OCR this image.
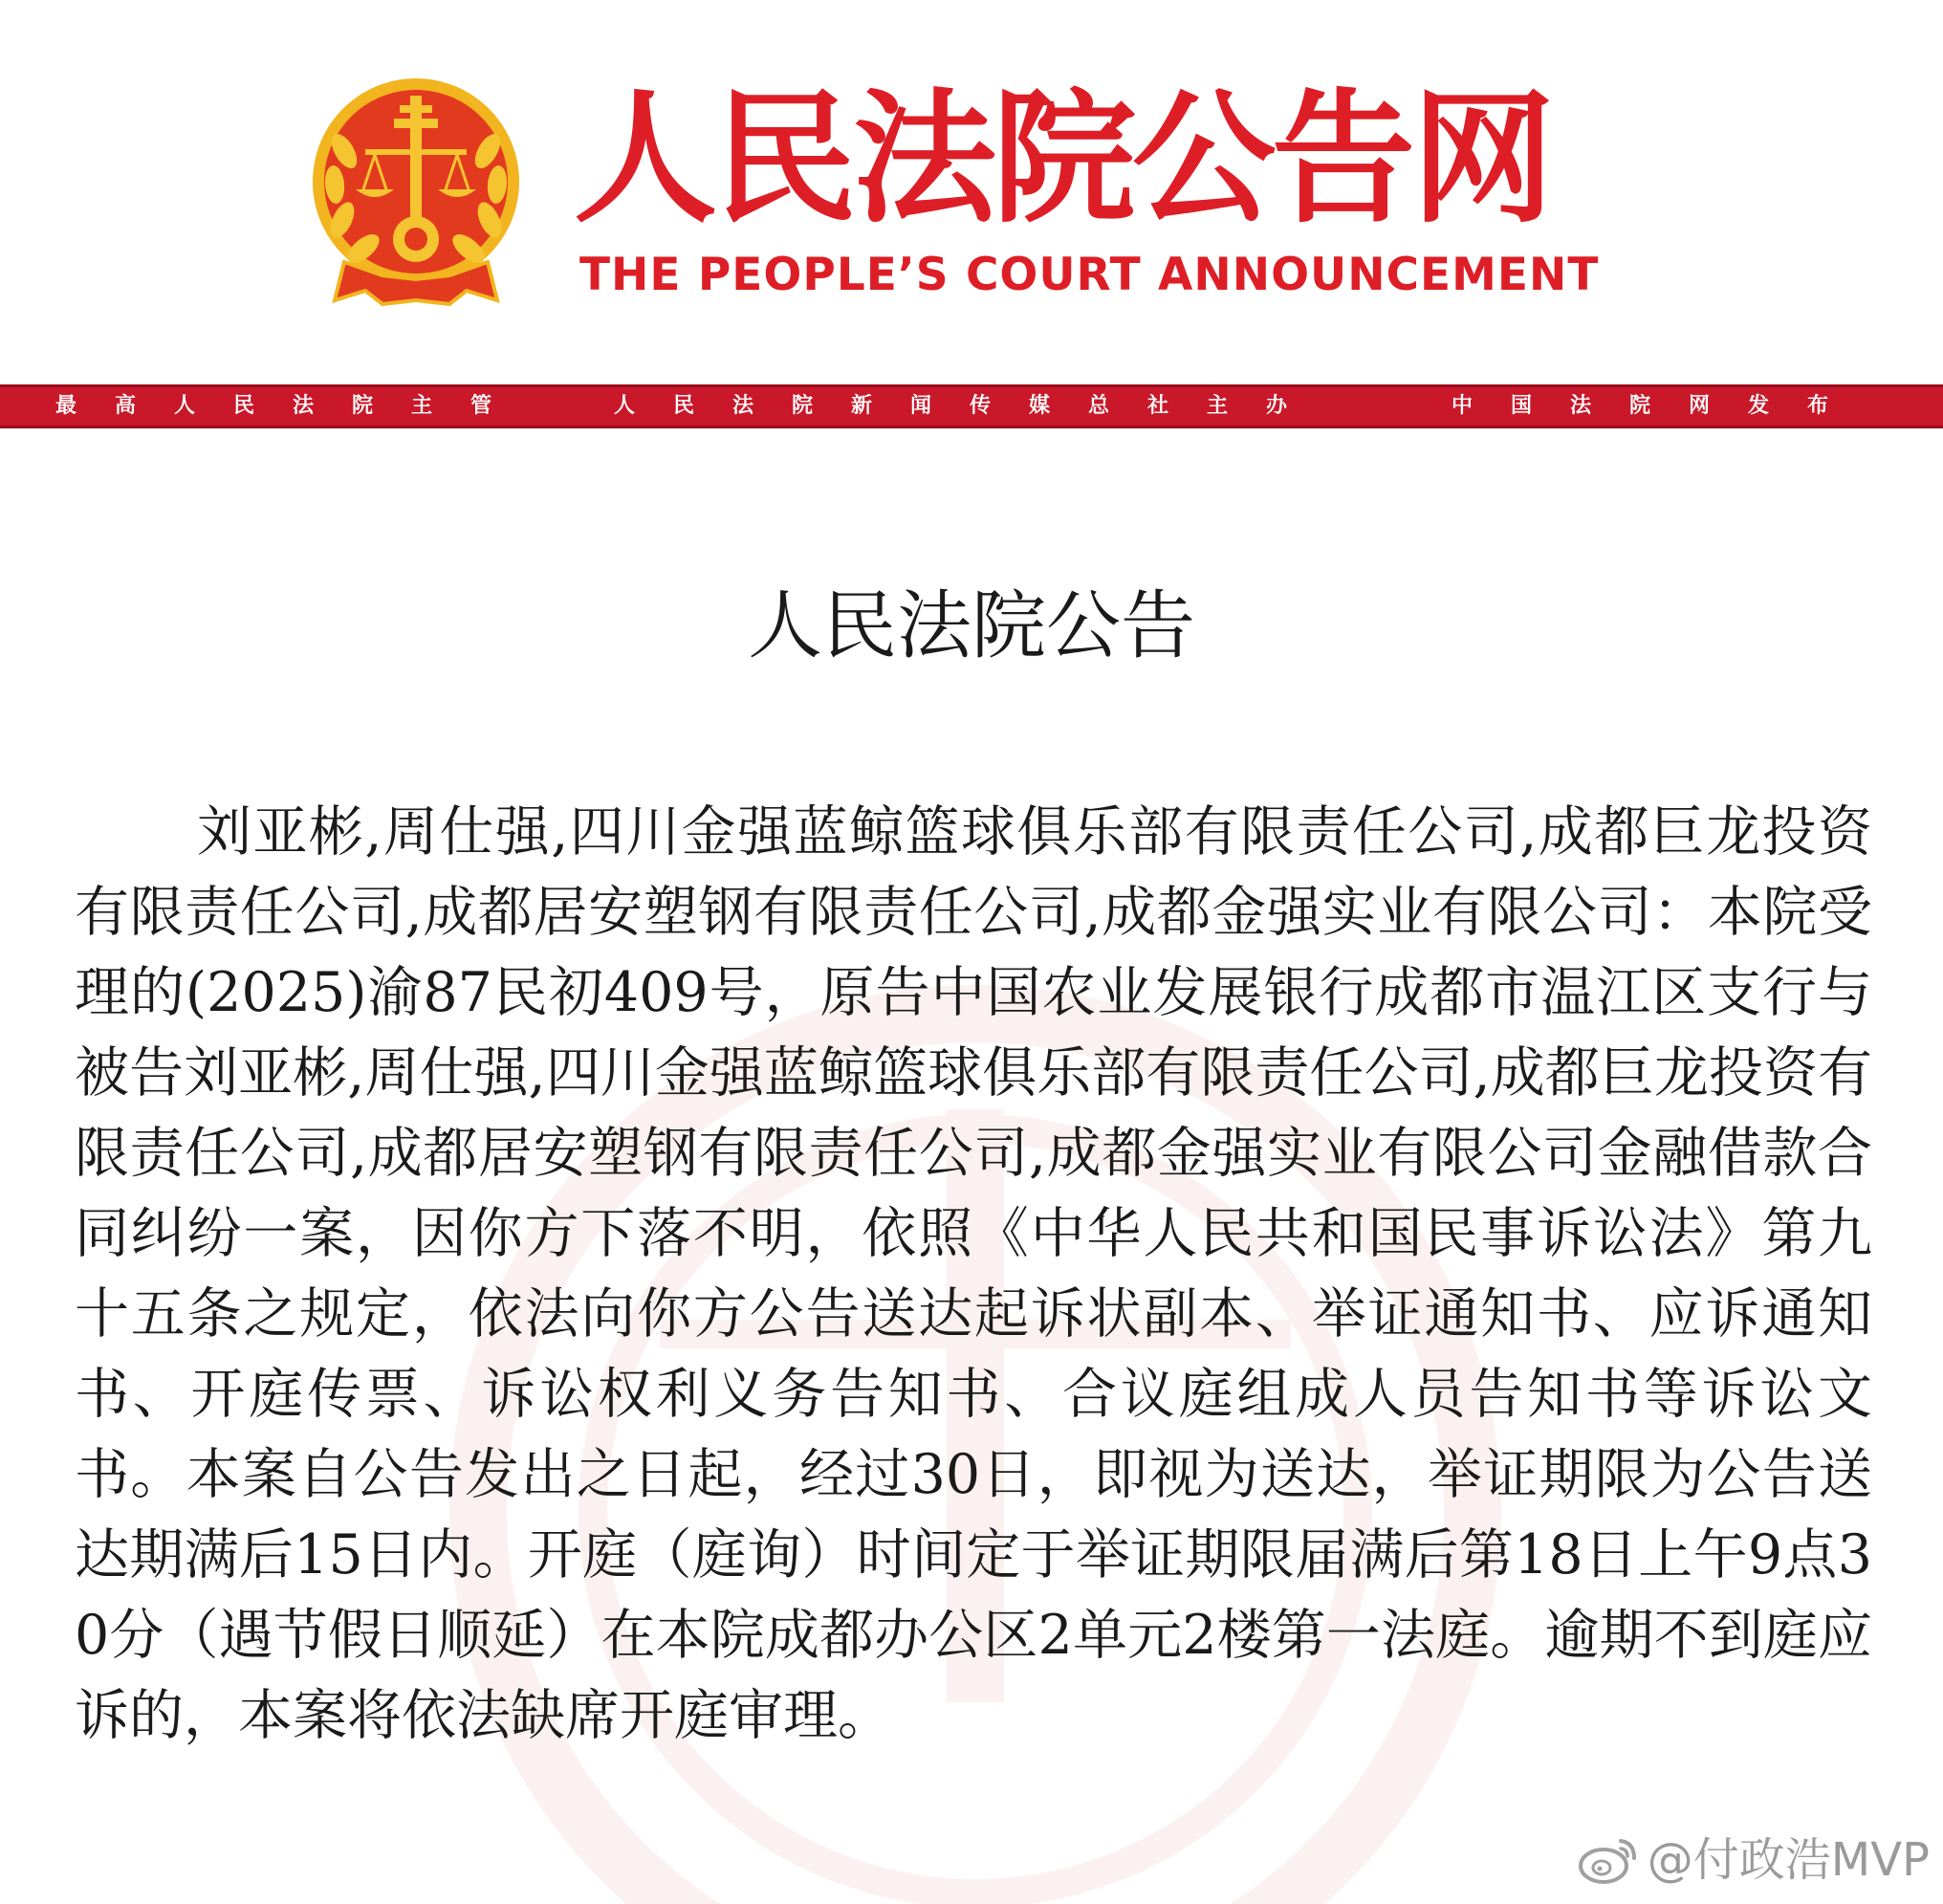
人民法院公告网
THE PEOPLE’S COURT ANNOUNCEMENT
最高人民法院主管	人民法院新闻传媒总社主办	中国法院网发布
人民法院公告
刘亚彬,周仕强,四川金强蓝鲸篮球俱乐部有限责任公司,成都巨龙投资有限责任公司,成都居安塑钢有限责任公司,成都金强实业有限公司：本院受理的(2025)渝87民初409号，原告中国农业发展银行成都市温江区支行与被告刘亚彬,周仕强,四川金强蓝鲸篮球俱乐部有限责任公司,成都巨龙投资有限责任公司,成都居安塑钢有限责任公司,成都金强实业有限公司金融借款合同纠纷一案，因你方下落不明，依照《中华人民共和国民事诉讼法》第九十五条之规定，依法向你方公告送达起诉状副本、举证通知书、应诉通知书、开庭传票、诉讼权利义务告知书、合议庭组成人员告知书等诉讼文书。本案自公告发出之日起，经过30日，即视为送达，举证期限为公告送达期满后15日内。开庭（庭询）时间定于举证期限届满后第18日上午9点30分（遇节假日顺延）在本院成都办公区2单元2楼第一法庭。逾期不到庭应诉的，本案将依法缺席开庭审理。
@付政浩MVP
